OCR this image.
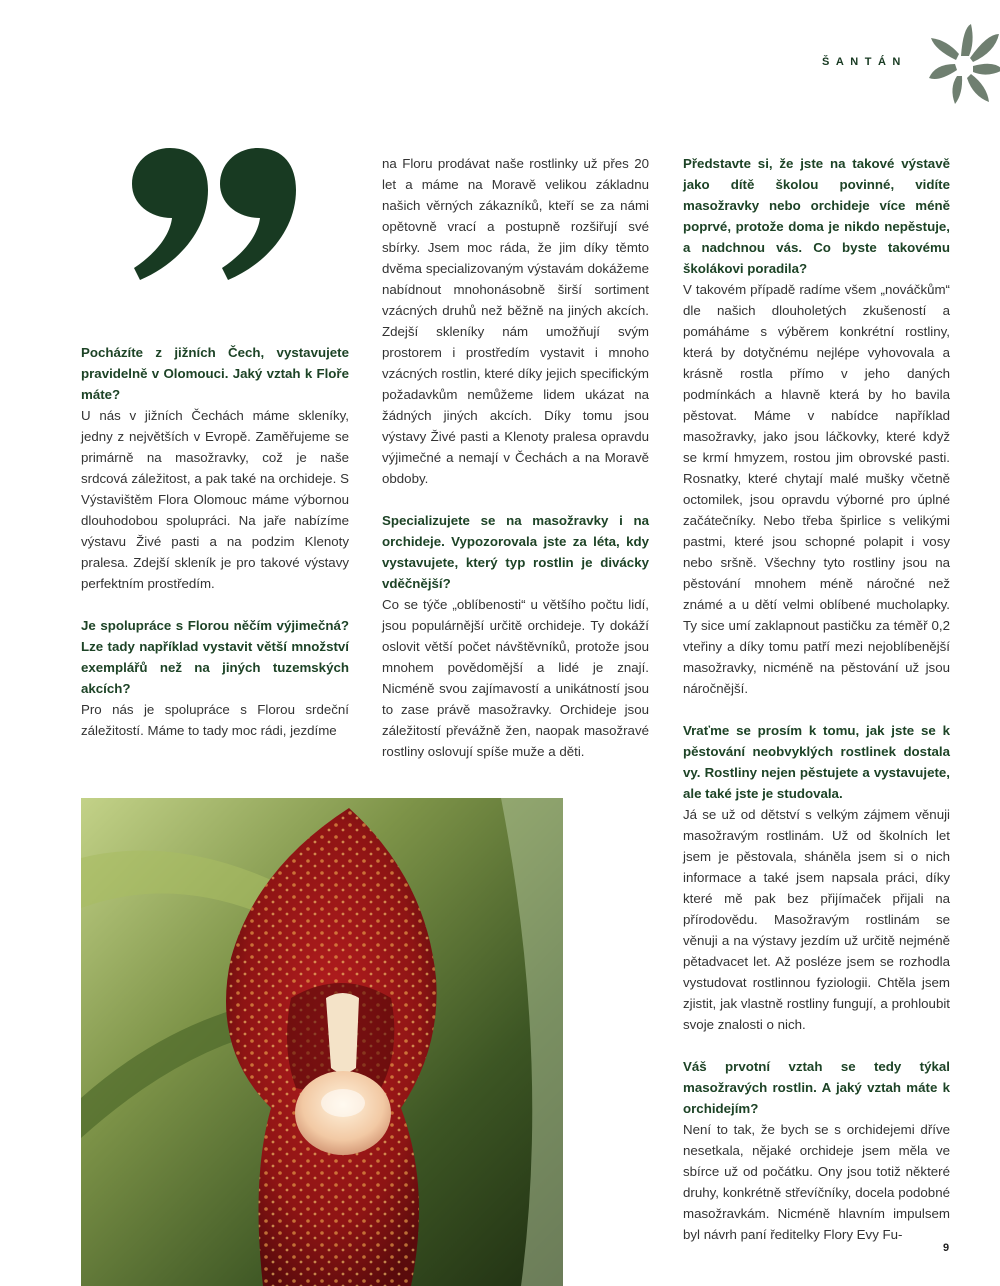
ŠANTÁN

Pocházíte z jižních Čech, vystavujete pravidelně v Olomouci. Jaký vztah k Floře máte?

U nás v jižních Čechách máme skleníky, jedny z největších v Evropě. Zaměřujeme se primárně na masožravky, což je naše srdcová záležitost, a pak také na orchideje. S Výstavištěm Flora Olomouc máme výbornou dlouhodobou spolupráci. Na jaře nabízíme výstavu Živé pasti a na podzim Klenoty pralesa. Zdejší skleník je pro takové výstavy perfektním prostředím.

Je spolupráce s Florou něčím výjimečná? Lze tady například vystavit větší množství exemplářů než na jiných tuzemských akcích?

Pro nás je spolupráce s Florou srdeční záležitostí. Máme to tady moc rádi, jezdíme

na Floru prodávat naše rostlinky už přes 20 let a máme na Moravě velikou základnu našich věrných zákazníků, kteří se za námi opětovně vrací a postupně rozšiřují své sbírky. Jsem moc ráda, že jim díky těmto dvěma specializovaným výstavám dokážeme nabídnout mnohonásobně širší sortiment vzácných druhů než běžně na jiných akcích. Zdejší skleníky nám umožňují svým prostorem i prostředím vystavit i mnoho vzácných rostlin, které díky jejich specifickým požadavkům nemůžeme lidem ukázat na žádných jiných akcích. Díky tomu jsou výstavy Živé pasti a Klenoty pralesa opravdu výjimečné a nemají v Čechách a na Moravě obdoby.

Specializujete se na masožravky i na orchideje. Vypozorovala jste za léta, kdy vystavujete, který typ rostlin je divácky vděčnější?

Co se týče „oblíbenosti“ u většího počtu lidí, jsou populárnější určitě orchideje. Ty dokáží oslovit větší počet návštěvníků, protože jsou mnohem povědomější a lidé je znají. Nicméně svou zajímavostí a unikátností jsou to zase právě masožravky. Orchideje jsou záležitostí převážně žen, naopak masožravé rostliny oslovují spíše muže a děti.

Představte si, že jste na takové výstavě jako dítě školou povinné, vidíte masožravky nebo orchideje více méně poprvé, protože doma je nikdo nepěstuje, a nadchnou vás. Co byste takovému školákovi poradila?

V takovém případě radíme všem „nováčkům“ dle našich dlouholetých zkušeností a pomáháme s výběrem konkrétní rostliny, která by dotyčnému nejlépe vyhovovala a krásně rostla přímo v jeho daných podmínkách a hlavně která by ho bavila pěstovat. Máme v nabídce například masožravky, jako jsou láčkovky, které když se krmí hmyzem, rostou jim obrovské pasti. Rosnatky, které chytají malé mušky včetně octomilek, jsou opravdu výborné pro úplné začátečníky. Nebo třeba špirlice s velikými pastmi, které jsou schopné polapit i vosy nebo sršně. Všechny tyto rostliny jsou na pěstování mnohem méně náročné než známé a u dětí velmi oblíbené mucholapky. Ty sice umí zaklapnout pastičku za téměř 0,2 vteřiny a díky tomu patří mezi nejoblíbenější masožravky, nicméně na pěstování už jsou náročnější.

Vraťme se prosím k tomu, jak jste se k pěstování neobvyklých rostlinek dostala vy. Rostliny nejen pěstujete a vystavujete, ale také jste je studovala.

Já se už od dětství s velkým zájmem věnuji masožravým rostlinám. Už od školních let jsem je pěstovala, sháněla jsem si o nich informace a také jsem napsala práci, díky které mě pak bez přijímaček přijali na přírodovědu. Masožravým rostlinám se věnuji a na výstavy jezdím už určitě nejméně pětadvacet let. Až posléze jsem se rozhodla vystudovat rostlinnou fyziologii. Chtěla jsem zjistit, jak vlastně rostliny fungují, a prohloubit svoje znalosti o nich.

Váš prvotní vztah se tedy týkal masožravých rostlin. A jaký vztah máte k orchidejím?

Není to tak, že bych se s orchidejemi dříve nesetkala, nějaké orchideje jsem měla ve sbírce už od počátku. Ony jsou totiž některé druhy, konkrétně střevíčníky, docela podobné masožravkám. Nicméně hlavním impulsem byl návrh paní ředitelky Flory Evy Fu-

9
